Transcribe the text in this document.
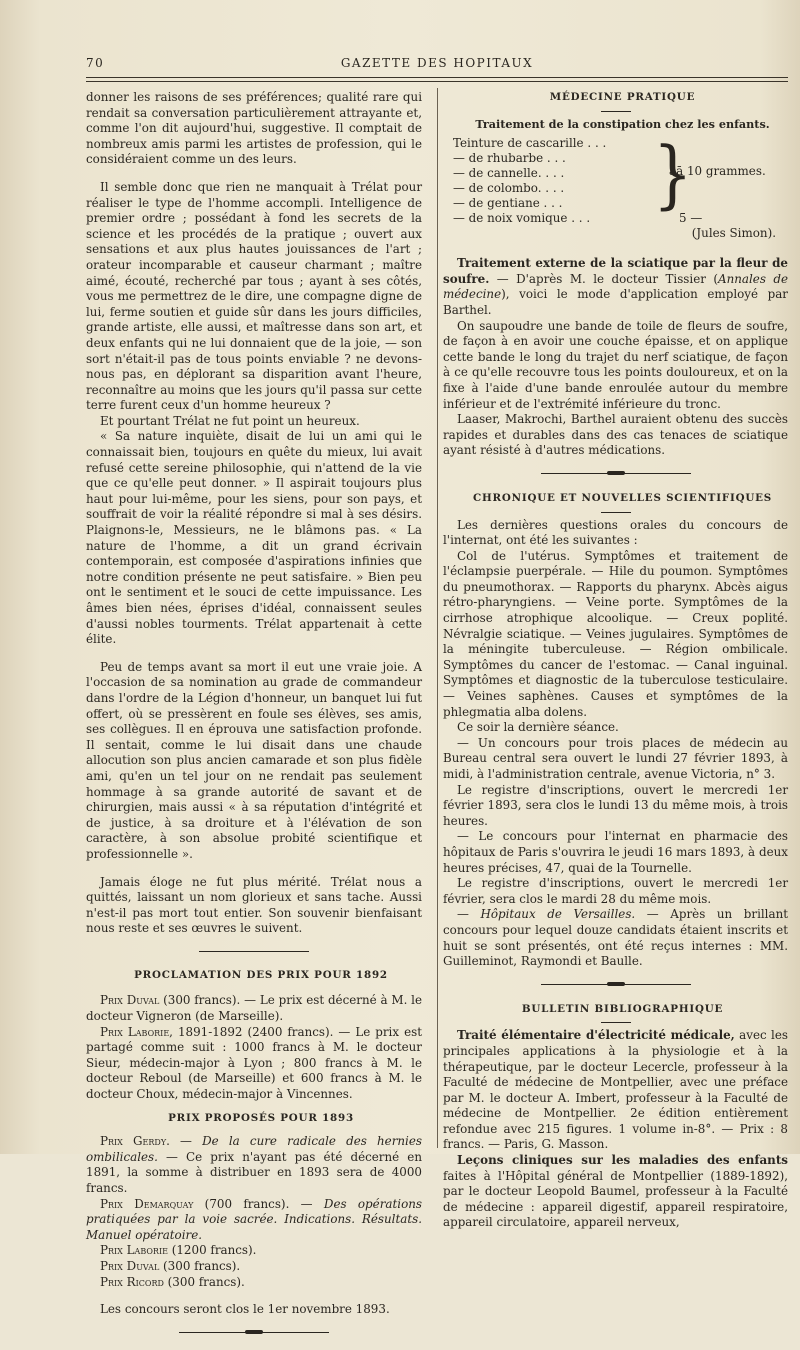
70	GAZETTE DES HOPITAUX

donner les raisons de ses préférences; qualité rare qui rendait sa conversation particulièrement attrayante et, comme l'on dit aujourd'hui, suggestive. Il comptait de nombreux amis parmi les artistes de profession, qui le considéraient comme un des leurs.

Il semble donc que rien ne manquait à Trélat pour réaliser le type de l'homme accompli. Intelligence de premier ordre ; possédant à fond les secrets de la science et les procédés de la pratique ; ouvert aux sensations et aux plus hautes jouissances de l'art ; orateur incomparable et causeur charmant ; maître aimé, écouté, recherché par tous ; ayant à ses côtés, vous me permettrez de le dire, une compagne digne de lui, ferme soutien et guide sûr dans les jours difficiles, grande artiste, elle aussi, et maîtresse dans son art, et deux enfants qui ne lui donnaient que de la joie, — son sort n'était-il pas de tous points enviable ? ne devons-nous pas, en déplorant sa disparition avant l'heure, reconnaître au moins que les jours qu'il passa sur cette terre furent ceux d'un homme heureux ?

Et pourtant Trélat ne fut point un heureux.

« Sa nature inquiète, disait de lui un ami qui le connaissait bien, toujours en quête du mieux, lui avait refusé cette sereine philosophie, qui n'attend de la vie que ce qu'elle peut donner. » Il aspirait toujours plus haut pour lui-même, pour les siens, pour son pays, et souffrait de voir la réalité répondre si mal à ses désirs. Plaignons-le, Messieurs, ne le blâmons pas. « La nature de l'homme, a dit un grand écrivain contemporain, est composée d'aspirations infinies que notre condition présente ne peut satisfaire. » Bien peu ont le sentiment et le souci de cette impuissance. Les âmes bien nées, éprises d'idéal, connaissent seules d'aussi nobles tourments. Trélat appartenait à cette élite.

Peu de temps avant sa mort il eut une vraie joie. A l'occasion de sa nomination au grade de commandeur dans l'ordre de la Légion d'honneur, un banquet lui fut offert, où se pressèrent en foule ses élèves, ses amis, ses collègues. Il en éprouva une satisfaction profonde. Il sentait, comme le lui disait dans une chaude allocution son plus ancien camarade et son plus fidèle ami, qu'en un tel jour on ne rendait pas seulement hommage à sa grande autorité de savant et de chirurgien, mais aussi « à sa réputation d'intégrité et de justice, à sa droiture et à l'élévation de son caractère, à son absolue probité scientifique et professionnelle ».

Jamais éloge ne fut plus mérité. Trélat nous a quittés, laissant un nom glorieux et sans tache. Aussi n'est-il pas mort tout entier. Son souvenir bienfaisant nous reste et ses œuvres le suivent.

PROCLAMATION DES PRIX POUR 1892

Prix Duval (300 francs). — Le prix est décerné à M. le docteur Vigneron (de Marseille).

Prix Laborie, 1891-1892 (2400 francs). — Le prix est partagé comme suit : 1000 francs à M. le docteur Sieur, médecin-major à Lyon ; 800 francs à M. le docteur Reboul (de Marseille) et 600 francs à M. le docteur Choux, médecin-major à Vincennes.

PRIX PROPOSÉS POUR 1893

Prix Gerdy. — De la cure radicale des hernies ombilicales. — Ce prix n'ayant pas été décerné en 1891, la somme à distribuer en 1893 sera de 4000 francs.

Prix Demarquay (700 francs). — Des opérations pratiquées par la voie sacrée. Indications. Résultats. Manuel opératoire.

Prix Laborie (1200 francs).

Prix Duval (300 francs).

Prix Ricord (300 francs).

Les concours seront clos le 1er novembre 1893.

MÉDECINE PRATIQUE

Traitement de la constipation chez les enfants.

Teinture de cascarille . . .
— de rhubarbe . . .
— de cannelle. . . .
— de colombo. . . .
— de gentiane . . .
— de noix vomique . . .
}
āā 10 grammes.
5 —
(Jules Simon).

Traitement externe de la sciatique par la fleur de soufre. — D'après M. le docteur Tissier (Annales de médecine), voici le mode d'application employé par Barthel.

On saupoudre une bande de toile de fleurs de soufre, de façon à en avoir une couche épaisse, et on applique cette bande le long du trajet du nerf sciatique, de façon à ce qu'elle recouvre tous les points douloureux, et on la fixe à l'aide d'une bande enroulée autour du membre inférieur et de l'extrémité inférieure du tronc.

Laaser, Makrochi, Barthel auraient obtenu des succès rapides et durables dans des cas tenaces de sciatique ayant résisté à d'autres médications.

CHRONIQUE ET NOUVELLES SCIENTIFIQUES

Les dernières questions orales du concours de l'internat, ont été les suivantes :

Col de l'utérus. Symptômes et traitement de l'éclampsie puerpérale. — Hile du poumon. Symptômes du pneumothorax. — Rapports du pharynx. Abcès aigus rétro-pharyngiens. — Veine porte. Symptômes de la cirrhose atrophique alcoolique. — Creux poplité. Névralgie sciatique. — Veines jugulaires. Symptômes de la méningite tuberculeuse. — Région ombilicale. Symptômes du cancer de l'estomac. — Canal inguinal. Symptômes et diagnostic de la tuberculose testiculaire. — Veines saphènes. Causes et symptômes de la phlegmatia alba dolens.

Ce soir la dernière séance.

— Un concours pour trois places de médecin au Bureau central sera ouvert le lundi 27 février 1893, à midi, à l'administration centrale, avenue Victoria, n° 3.

Le registre d'inscriptions, ouvert le mercredi 1er février 1893, sera clos le lundi 13 du même mois, à trois heures.

— Le concours pour l'internat en pharmacie des hôpitaux de Paris s'ouvrira le jeudi 16 mars 1893, à deux heures précises, 47, quai de la Tournelle.

Le registre d'inscriptions, ouvert le mercredi 1er février, sera clos le mardi 28 du même mois.

— Hôpitaux de Versailles. — Après un brillant concours pour lequel douze candidats étaient inscrits et huit se sont présentés, ont été reçus internes : MM. Guilleminot, Raymondi et Baulle.

BULLETIN BIBLIOGRAPHIQUE

Traité élémentaire d'électricité médicale, avec les principales applications à la physiologie et à la thérapeutique, par le docteur Lecercle, professeur à la Faculté de médecine de Montpellier, avec une préface par M. le docteur A. Imbert, professeur à la Faculté de médecine de Montpellier. 2e édition entièrement refondue avec 215 figures. 1 volume in-8°. — Prix : 8 francs. — Paris, G. Masson.

Leçons cliniques sur les maladies des enfants faites à l'Hôpital général de Montpellier (1889-1892), par le docteur Leopold Baumel, professeur à la Faculté de médecine : appareil digestif, appareil respiratoire, appareil circulatoire, appareil nerveux,
